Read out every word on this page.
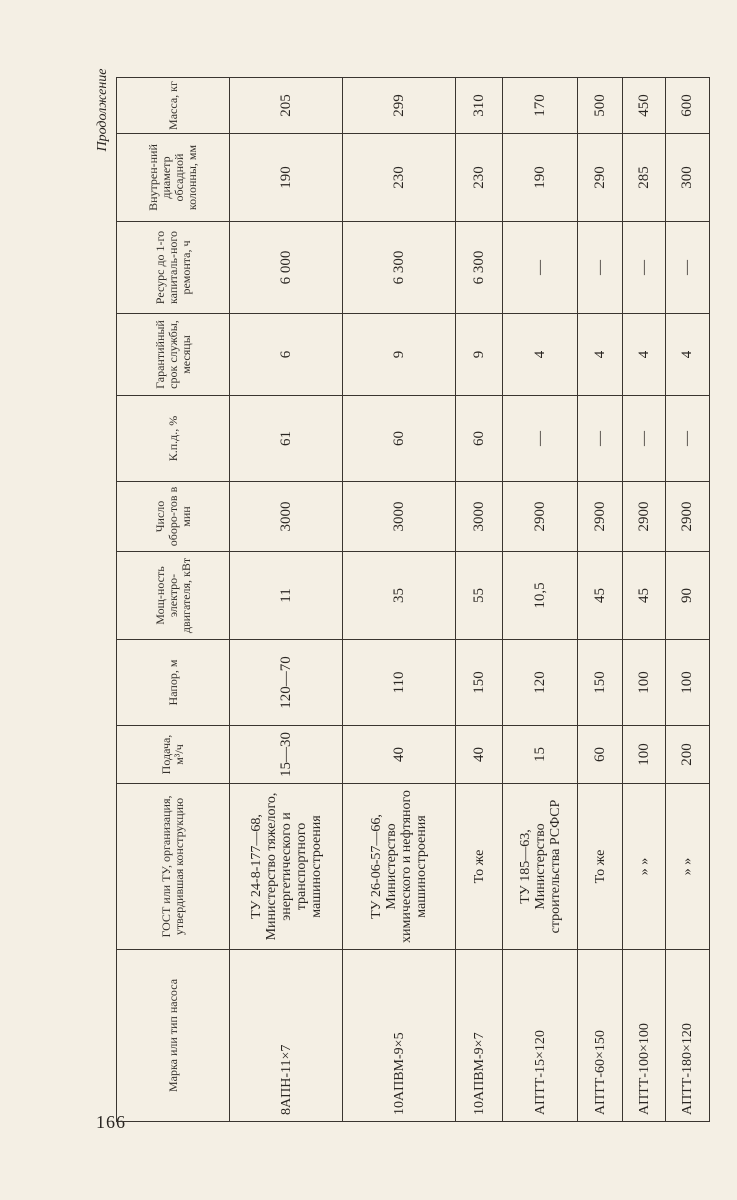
166
Продолжение
Марка или тип насоса	ГОСТ или ТУ, организация, утвердившая конструкцию	Подача, м³/ч	Напор, м	Мощ-ность электро-двигателя, кВт	Число оборо-тов в мин	К.п.д., %	Гарантийный срок службы, месяцы	Ресурс до 1-го капиталь-ного ремонта, ч	Внутрен-ний диаметр обсадной колонны, мм	Масса, кг
8АПН-11×7	ТУ 24-8-177—68, Министерство тяжелого, энергетического и транспортного машиностроения	15—30	120—70	11	3000	61	6	6 000	190	205
10АПВМ-9×5	ТУ 26-06-57—66, Министерство химического и нефтяного машиностроения	40	110	35	3000	60	9	6 300	230	299
10АПВМ-9×7	То же	40	150	55	3000	60	9	6 300	230	310
АПТТ-15×120	ТУ 185—63, Министерство строительства РСФСР	15	120	10,5	2900	—	4	—	190	170
АПТТ-60×150	То же	60	150	45	2900	—	4	—	290	500
АПТТ-100×100	» »	100	100	45	2900	—	4	—	285	450
АПТТ-180×120	» »	200	100	90	2900	—	4	—	300	600
